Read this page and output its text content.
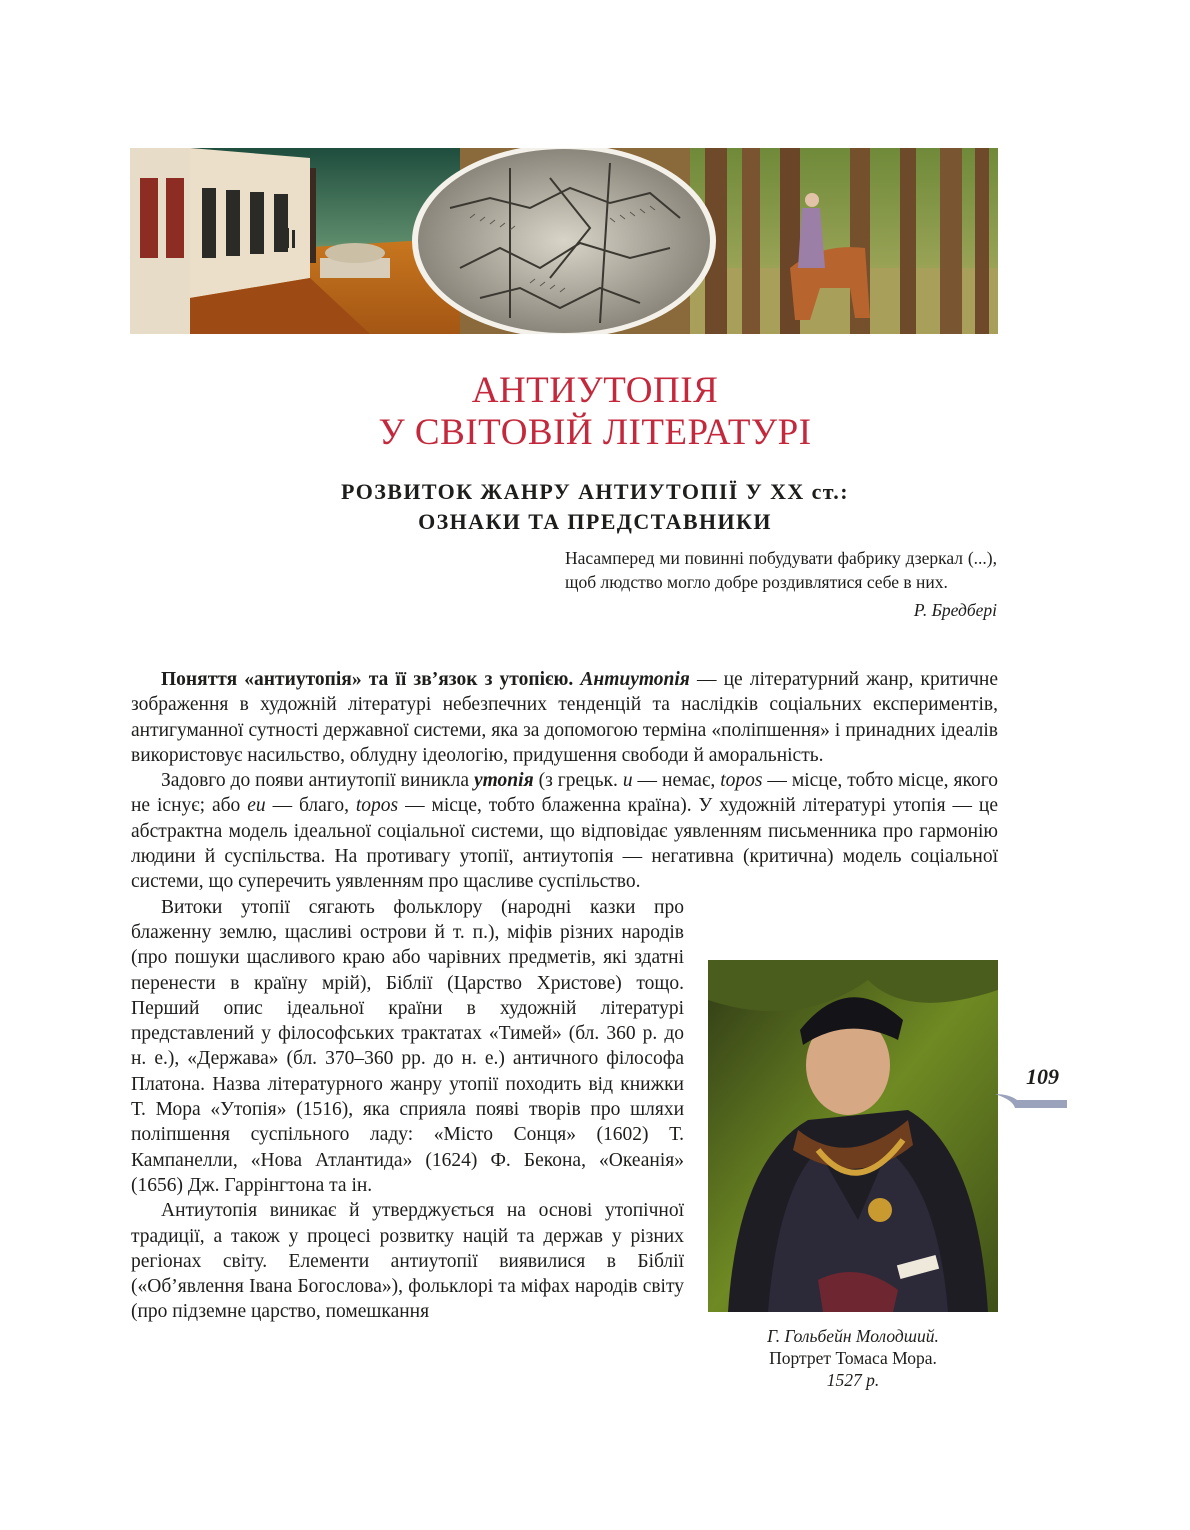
АНТИУТОПІЯ
У СВІТОВІЙ ЛІТЕРАТУРІ
РОЗВИТОК ЖАНРУ АНТИУТОПІЇ У ХХ ст.:
ОЗНАКИ ТА ПРЕДСТАВНИКИ
Насамперед ми повинні побудувати фабрику дзеркал (...), щоб людство могло добре роздивлятися себе в них.
Р. Бредбері

Поняття «антиутопія» та її зв’язок з утопією. Антиутопія — це літературний жанр, критичне зображення в художній літературі небезпечних тенденцій та наслідків соціальних експериментів, антигуманної сутності державної системи, яка за допомогою терміна «поліпшення» і принадних ідеалів використовує насильство, облудну ідеологію, придушення свободи й аморальність.

Задовго до появи антиутопії виникла утопія (з грецьк. u — немає, topos — місце, тобто місце, якого не існує; або eu — благо, topos — місце, тобто блаженна країна). У художній літературі утопія — це абстрактна модель ідеальної соціальної системи, що відповідає уявленням письменника про гармонію людини й суспільства. На противагу утопії, антиутопія — негативна (критична) модель соціальної системи, що суперечить уявленням про щасливе суспільство.

Витоки утопії сягають фольклору (народні казки про блаженну землю, щасливі острови й т. п.), міфів різних народів (про пошуки щасливого краю або чарівних предметів, які здатні перенести в країну мрій), Біблії (Царство Христове) тощо. Перший опис ідеальної країни в художній літературі представлений у філософських трактатах «Тимей» (бл. 360 р. до н. е.), «Держава» (бл. 370–360 рр. до н. е.) античного філософа Платона. Назва літературного жанру утопії походить від книжки Т. Мора «Утопія» (1516), яка сприяла появі творів про шляхи поліпшення суспільного ладу: «Місто Сонця» (1602) Т. Кампанелли, «Нова Атлантида» (1624) Ф. Бекона, «Океанія» (1656) Дж. Гаррінгтона та ін.

Антиутопія виникає й утверджується на основі утопічної традиції, а також у процесі розвитку націй та держав у різних регіонах світу. Елементи антиутопії виявилися в Біблії («Об’явлення Івана Богослова»), фольклорі та міфах народів світу (про підземне царство, помешкання

Г. Гольбейн Молодший.
Портрет Томаса Мора.
1527 р.
109
